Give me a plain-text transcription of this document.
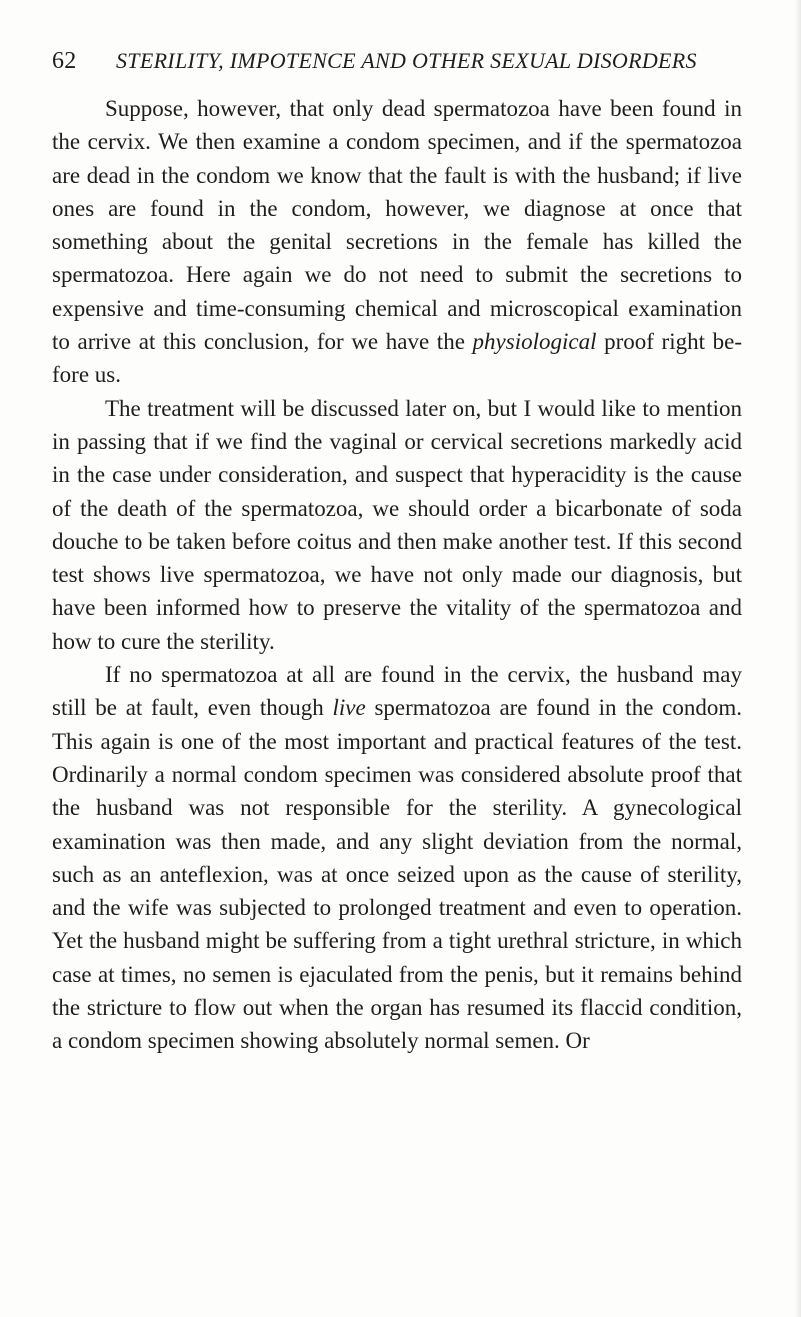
62	STERILITY, IMPOTENCE AND OTHER SEXUAL DISORDERS

Suppose, however, that only dead spermatozoa have been found in the cervix. We then examine a condom specimen, and if the spermatozoa are dead in the condom we know that the fault is with the husband; if live ones are found in the condom, however, we diagnose at once that something about the genital secretions in the female has killed the spermatozoa. Here again we do not need to submit the secretions to expensive and time-consuming chemical and microscopical examination to arrive at this conclusion, for we have the physiological proof right before us.

The treatment will be discussed later on, but I would like to mention in passing that if we find the vaginal or cervical secretions markedly acid in the case under consideration, and suspect that hyperacidity is the cause of the death of the spermatozoa, we should order a bicarbonate of soda douche to be taken before coitus and then make another test. If this second test shows live spermatozoa, we have not only made our diagnosis, but have been informed how to preserve the vitality of the spermatozoa and how to cure the sterility.

If no spermatozoa at all are found in the cervix, the husband may still be at fault, even though live spermatozoa are found in the condom. This again is one of the most important and practical features of the test. Ordinarily a normal condom specimen was considered absolute proof that the husband was not responsible for the sterility. A gynecological examination was then made, and any slight deviation from the normal, such as an anteflexion, was at once seized upon as the cause of sterility, and the wife was subjected to prolonged treatment and even to operation. Yet the husband might be suffering from a tight urethral stricture, in which case at times, no semen is ejaculated from the penis, but it remains behind the stricture to flow out when the organ has resumed its flaccid condition, a condom specimen showing absolutely normal semen. Or
